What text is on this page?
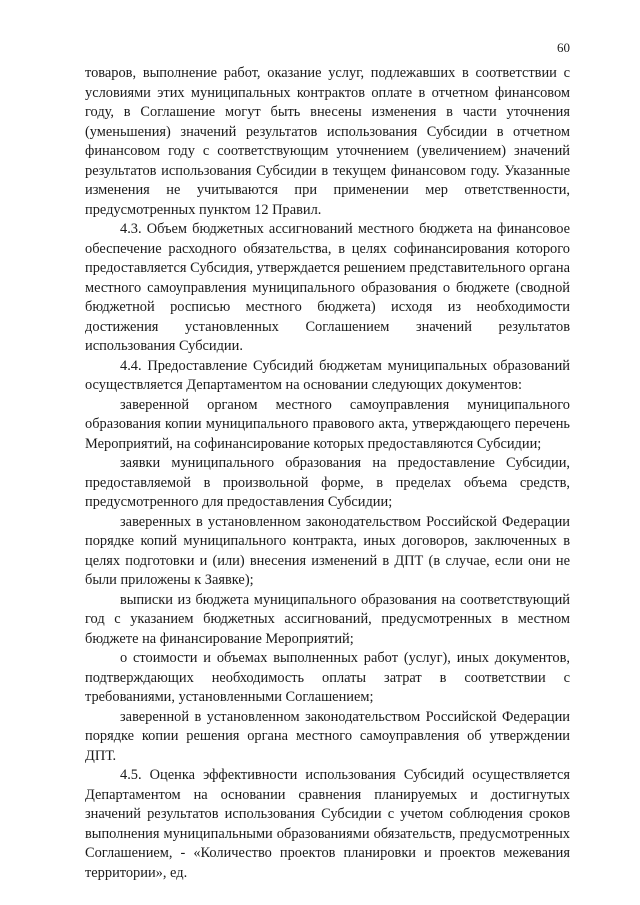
60

товаров, выполнение работ, оказание услуг, подлежавших в соответствии с условиями этих муниципальных контрактов оплате в отчетном финансовом году, в Соглашение могут быть внесены изменения в части уточнения (уменьшения) значений результатов использования Субсидии в отчетном финансовом году с соответствующим уточнением (увеличением) значений результатов использования Субсидии в текущем финансовом году. Указанные изменения не учитываются при применении мер ответственности, предусмотренных пунктом 12 Правил.

4.3. Объем бюджетных ассигнований местного бюджета на финансовое обеспечение расходного обязательства, в целях софинансирования которого предоставляется Субсидия, утверждается решением представительного органа местного самоуправления муниципального образования о бюджете (сводной бюджетной росписью местного бюджета) исходя из необходимости достижения установленных Соглашением значений результатов использования Субсидии.

4.4. Предоставление Субсидий бюджетам муниципальных образований осуществляется Департаментом на основании следующих документов:

заверенной органом местного самоуправления муниципального образования копии муниципального правового акта, утверждающего перечень Мероприятий, на софинансирование которых предоставляются Субсидии;

заявки муниципального образования на предоставление Субсидии, предоставляемой в произвольной форме, в пределах объема средств, предусмотренного для предоставления Субсидии;

заверенных в установленном законодательством Российской Федерации порядке копий муниципального контракта, иных договоров, заключенных в целях подготовки и (или) внесения изменений в ДПТ (в случае, если они не были приложены к Заявке);

выписки из бюджета муниципального образования на соответствующий год с указанием бюджетных ассигнований, предусмотренных в местном бюджете на финансирование Мероприятий;

о стоимости и объемах выполненных работ (услуг), иных документов, подтверждающих необходимость оплаты затрат в соответствии с требованиями, установленными Соглашением;

заверенной в установленном законодательством Российской Федерации порядке копии решения органа местного самоуправления об утверждении ДПТ.

4.5. Оценка эффективности использования Субсидий осуществляется Департаментом на основании сравнения планируемых и достигнутых значений результатов использования Субсидии с учетом соблюдения сроков выполнения муниципальными образованиями обязательств, предусмотренных Соглашением, - «Количество проектов планировки и проектов межевания территории», ед.
